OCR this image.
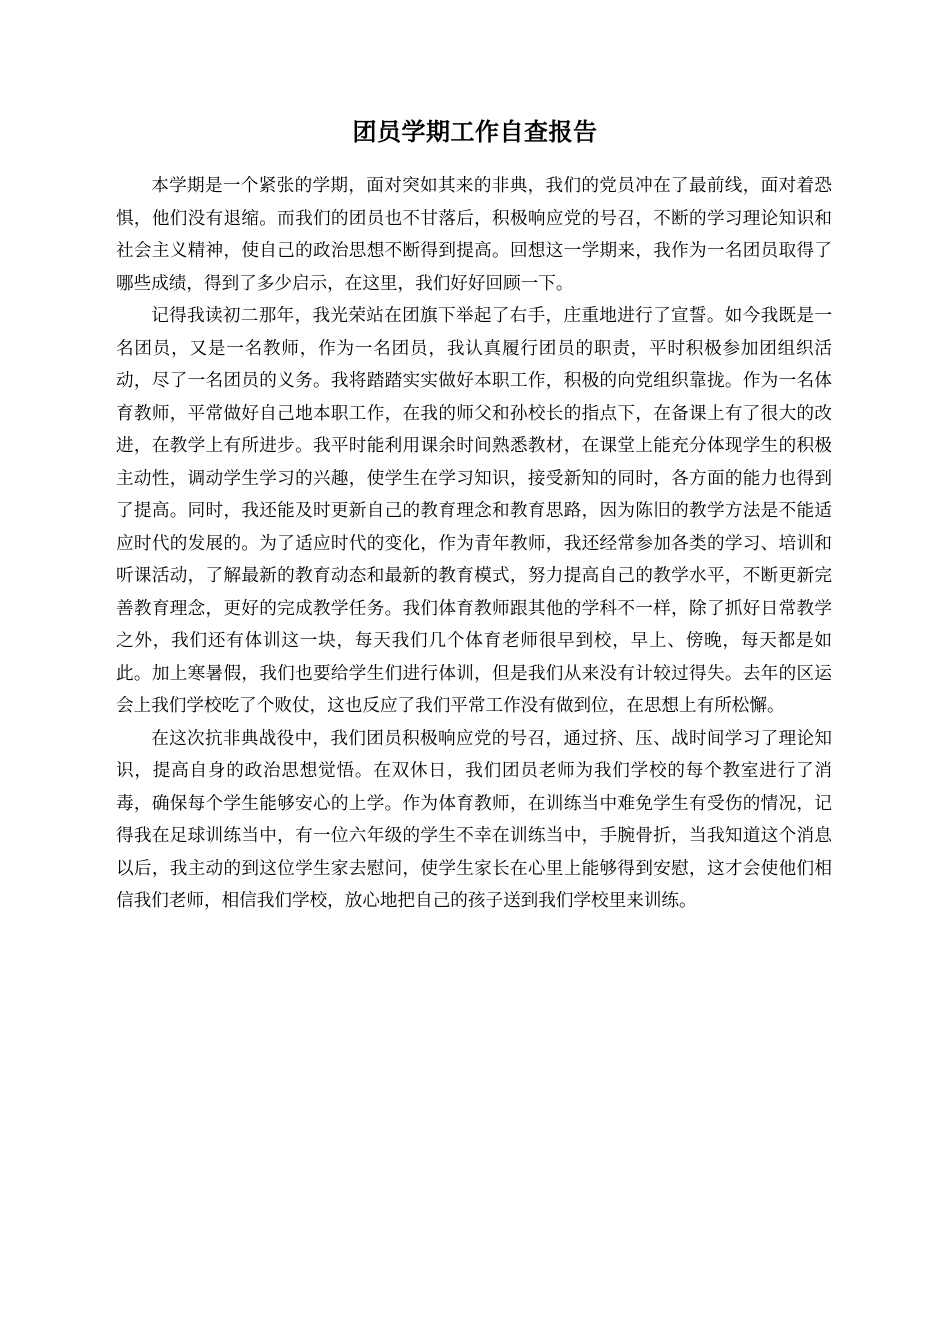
团员学期工作自查报告

本学期是一个紧张的学期，面对突如其来的非典，我们的党员冲在了最前线，面对着恐惧，他们没有退缩。而我们的团员也不甘落后，积极响应党的号召，不断的学习理论知识和社会主义精神，使自己的政治思想不断得到提高。回想这一学期来，我作为一名团员取得了哪些成绩，得到了多少启示，在这里，我们好好回顾一下。

记得我读初二那年，我光荣站在团旗下举起了右手，庄重地进行了宣誓。如今我既是一名团员，又是一名教师，作为一名团员，我认真履行团员的职责，平时积极参加团组织活动，尽了一名团员的义务。我将踏踏实实做好本职工作，积极的向党组织靠拢。作为一名体育教师，平常做好自己地本职工作，在我的师父和孙校长的指点下，在备课上有了很大的改进，在教学上有所进步。我平时能利用课余时间熟悉教材，在课堂上能充分体现学生的积极主动性，调动学生学习的兴趣，使学生在学习知识，接受新知的同时，各方面的能力也得到了提高。同时，我还能及时更新自己的教育理念和教育思路，因为陈旧的教学方法是不能适应时代的发展的。为了适应时代的变化，作为青年教师，我还经常参加各类的学习、培训和听课活动，了解最新的教育动态和最新的教育模式，努力提高自己的教学水平，不断更新完善教育理念，更好的完成教学任务。我们体育教师跟其他的学科不一样，除了抓好日常教学之外，我们还有体训这一块，每天我们几个体育老师很早到校，早上、傍晚，每天都是如此。加上寒暑假，我们也要给学生们进行体训，但是我们从来没有计较过得失。去年的区运会上我们学校吃了个败仗，这也反应了我们平常工作没有做到位，在思想上有所松懈。

在这次抗非典战役中，我们团员积极响应党的号召，通过挤、压、战时间学习了理论知识，提高自身的政治思想觉悟。在双休日，我们团员老师为我们学校的每个教室进行了消毒，确保每个学生能够安心的上学。作为体育教师，在训练当中难免学生有受伤的情况，记得我在足球训练当中，有一位六年级的学生不幸在训练当中，手腕骨折，当我知道这个消息以后，我主动的到这位学生家去慰问，使学生家长在心里上能够得到安慰，这才会使他们相信我们老师，相信我们学校，放心地把自己的孩子送到我们学校里来训练。
